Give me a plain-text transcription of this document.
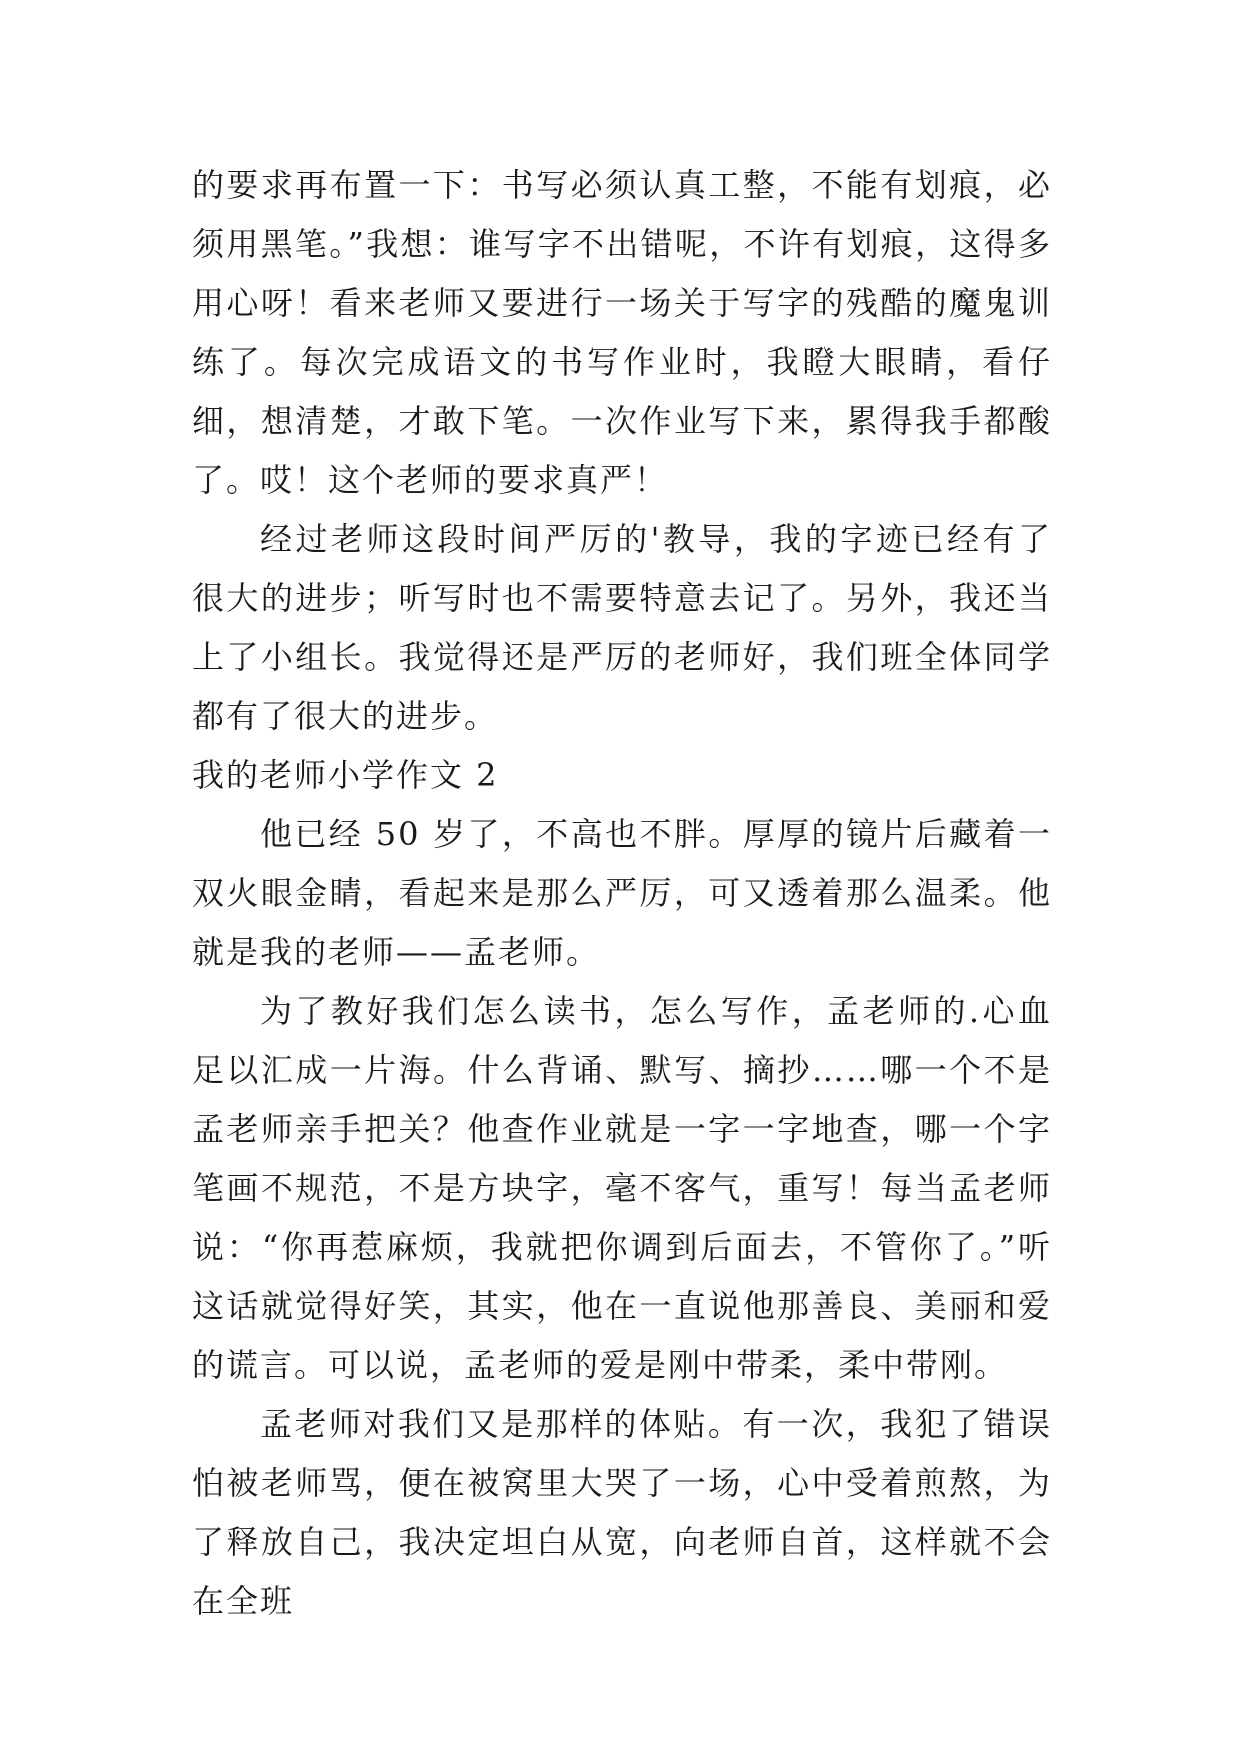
的要求再布置一下：书写必须认真工整，不能有划痕，必须用黑笔。”我想：谁写字不出错呢，不许有划痕，这得多用心呀！看来老师又要进行一场关于写字的残酷的魔鬼训练了。每次完成语文的书写作业时，我瞪大眼睛，看仔细，想清楚，才敢下笔。一次作业写下来，累得我手都酸了。哎！这个老师的要求真严！

经过老师这段时间严厉的'教导，我的字迹已经有了很大的进步；听写时也不需要特意去记了。另外，我还当上了小组长。我觉得还是严厉的老师好，我们班全体同学都有了很大的进步。

我的老师小学作文 2

他已经 50 岁了，不高也不胖。厚厚的镜片后藏着一双火眼金睛，看起来是那么严厉，可又透着那么温柔。他就是我的老师——孟老师。

为了教好我们怎么读书，怎么写作，孟老师的.心血足以汇成一片海。什么背诵、默写、摘抄……哪一个不是孟老师亲手把关？他查作业就是一字一字地查，哪一个字笔画不规范，不是方块字，毫不客气，重写！每当孟老师说：“你再惹麻烦，我就把你调到后面去，不管你了。”听这话就觉得好笑，其实，他在一直说他那善良、美丽和爱的谎言。可以说，孟老师的爱是刚中带柔，柔中带刚。

孟老师对我们又是那样的体贴。有一次，我犯了错误怕被老师骂，便在被窝里大哭了一场，心中受着煎熬，为了释放自己，我决定坦白从宽，向老师自首，这样就不会在全班
